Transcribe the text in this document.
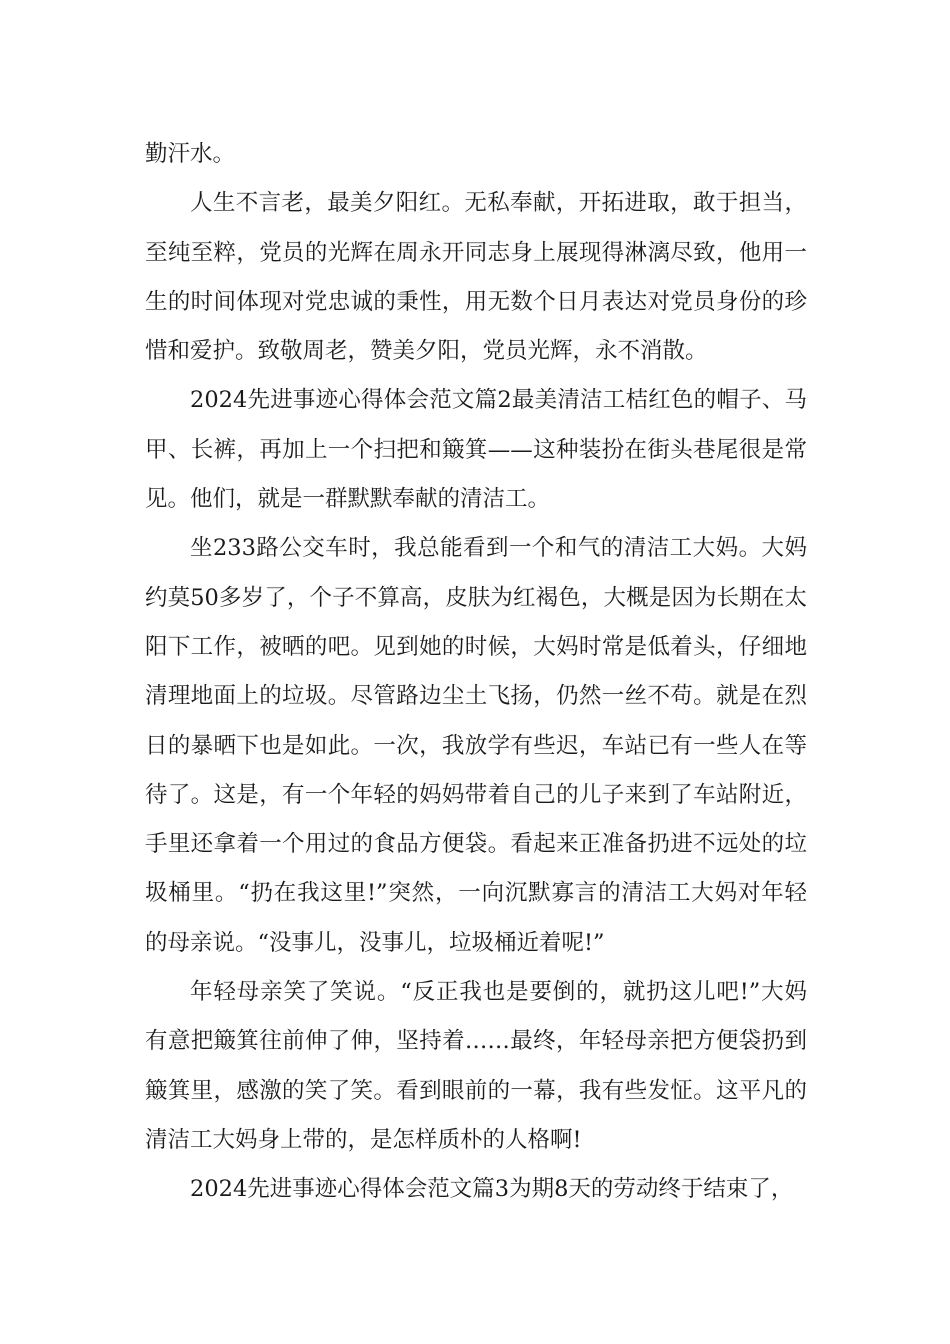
勤汗水。

人生不言老，最美夕阳红。无私奉献，开拓进取，敢于担当，至纯至粹，党员的光辉在周永开同志身上展现得淋漓尽致，他用一生的时间体现对党忠诚的秉性，用无数个日月表达对党员身份的珍惜和爱护。致敬周老，赞美夕阳，党员光辉，永不消散。

2024先进事迹心得体会范文篇2最美清洁工桔红色的帽子、马甲、长裤，再加上一个扫把和簸箕——这种装扮在街头巷尾很是常见。他们，就是一群默默奉献的清洁工。

坐233路公交车时，我总能看到一个和气的清洁工大妈。大妈约莫50多岁了，个子不算高，皮肤为红褐色，大概是因为长期在太阳下工作，被晒的吧。见到她的时候，大妈时常是低着头，仔细地清理地面上的垃圾。尽管路边尘土飞扬，仍然一丝不苟。就是在烈日的暴晒下也是如此。一次，我放学有些迟，车站已有一些人在等待了。这是，有一个年轻的妈妈带着自己的儿子来到了车站附近，手里还拿着一个用过的食品方便袋。看起来正准备扔进不远处的垃圾桶里。“扔在我这里!”突然，一向沉默寡言的清洁工大妈对年轻的母亲说。“没事儿，没事儿，垃圾桶近着呢!”

年轻母亲笑了笑说。“反正我也是要倒的，就扔这儿吧!”大妈有意把簸箕往前伸了伸，坚持着……最终，年轻母亲把方便袋扔到簸箕里，感激的笑了笑。看到眼前的一幕，我有些发怔。这平凡的清洁工大妈身上带的，是怎样质朴的人格啊!

2024先进事迹心得体会范文篇3为期8天的劳动终于结束了，
